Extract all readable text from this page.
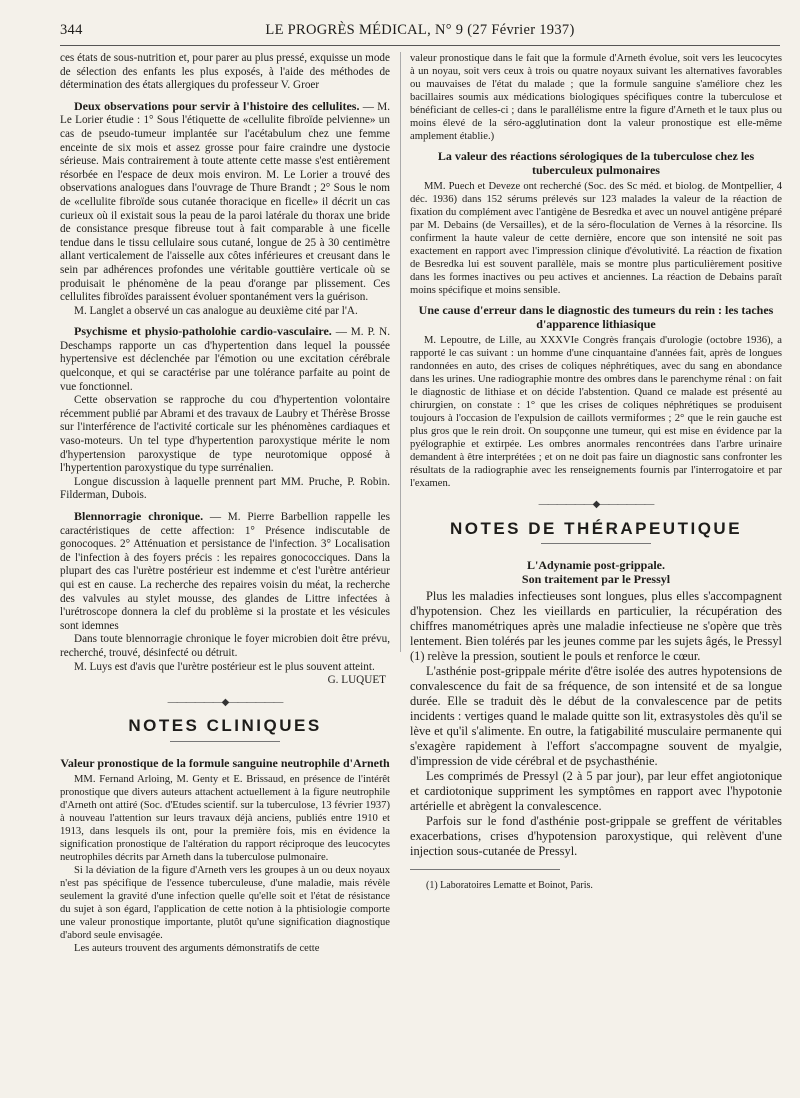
344	LE PROGRÈS MÉDICAL, N° 9 (27 Février 1937)

ces états de sous-nutrition et, pour parer au plus pressé, exquisse un mode de sélection des enfants les plus exposés, à l'aide des méthodes de détermination des états allergiques du professeur V. Groer

Deux observations pour servir à l'histoire des cellulites. — M. Le Lorier étudie : 1° Sous l'étiquette de «cellulite fibroïde pelvienne» un cas de pseudo-tumeur implantée sur l'acétabulum chez une femme enceinte de six mois et assez grosse pour faire craindre une dystocie sérieuse. Mais contrairement à toute attente cette masse s'est entièrement résorbée en l'espace de deux mois environ. M. Le Lorier a trouvé des observations analogues dans l'ouvrage de Thure Brandt ; 2° Sous le nom de «cellulite fibroïde sous cutanée thoracique en ficelle» il décrit un cas curieux où il existait sous la peau de la paroi latérale du thorax une bride de consistance presque fibreuse tout à fait comparable à une ficelle tendue dans le tissu cellulaire sous cutané, longue de 25 à 30 centimètre allant verticalement de l'aisselle aux côtes inférieures et creusant dans le sein par adhérences profondes une véritable gouttière verticale où se produisait le phénomène de la peau d'orange par plissement. Ces cellulites fibroïdes paraissent évoluer spontanément vers la guérison.

M. Langlet a observé un cas analogue au deuxième cité par l'A.

Psychisme et physio-patholohie cardio-vasculaire. — M. P. N. Deschamps rapporte un cas d'hypertention dans lequel la poussée hypertensive est déclenchée par l'émotion ou une excitation cérébrale quelconque, et qui se caractérise par une tolérance parfaite au point de vue fonctionnel.

Cette observation se rapproche du cou d'hypertention volontaire récemment publié par Abrami et des travaux de Laubry et Thérèse Brosse sur l'interférence de l'activité corticale sur les phénomènes cardiaques et vaso-moteurs. Un tel type d'hypertention paroxystique mérite le nom d'hypertension paroxystique de type neurotomique opposé à l'hypertention paroxystique du type surrénalien.

Longue discussion à laquelle prennent part MM. Pruche, P. Robin. Filderman, Dubois.

Blennorragie chronique. — M. Pierre Barbellion rappelle les caractéristiques de cette affection: 1° Présence indiscutable de gonocoques. 2° Atténuation et persistance de l'infection. 3° Localisation de l'infection à des foyers précis : les repaires gonococciques. Dans la plupart des cas l'urètre postérieur est indemme et c'est l'urètre antérieur qui est en cause. La recherche des repaires voisin du méat, la recherche des valvules au stylet mousse, des glandes de Littre infectées à l'urétroscope donnera la clef du problème si la prostate et les vésicules sont idemnes

Dans toute blennorragie chronique le foyer microbien doit être prévu, recherché, trouvé, désinfecté ou détruit.

M. Luys est d'avis que l'urètre postérieur est le plus souvent atteint.

G. LUQUET

——————◆——————
NOTES CLINIQUES
Valeur pronostique de la formule sanguine neutrophile d'Arneth

MM. Fernand Arloing, M. Genty et E. Brissaud, en présence de l'intérêt pronostique que divers auteurs attachent actuellement à la figure neutrophile d'Arneth ont attiré (Soc. d'Etudes scientif. sur la tuberculose, 13 février 1937) à nouveau l'attention sur leurs travaux déjà anciens, publiés entre 1910 et 1913, dans lesquels ils ont, pour la première fois, mis en évidence la signification pronostique de l'altération du rapport réciproque des leucocytes neutrophiles décrits par Arneth dans la tuberculose pulmonaire.

Si la déviation de la figure d'Arneth vers les groupes à un ou deux noyaux n'est pas spécifique de l'essence tuberculeuse, d'une maladie, mais révèle seulement la gravité d'une infection quelle qu'elle soit et l'état de résistance du sujet à son égard, l'application de cette notion à la phtisiologie comporte une valeur pronostique importante, plutôt qu'une signification diagnostique d'abord seule envisagée.

Les auteurs trouvent des arguments démonstratifs de cette

valeur pronostique dans le fait que la formule d'Arneth évolue, soit vers les leucocytes à un noyau, soit vers ceux à trois ou quatre noyaux suivant les alternatives favorables ou mauvaises de l'état du malade ; que la formule sanguine s'améliore chez les bacillaires soumis aux médications biologiques spécifiques contre la tuberculose et bénéficiant de celles-ci ; dans le parallélisme entre la figure d'Arneth et le taux plus ou moins élevé de la séro-agglutination dont la valeur pronostique est elle-même amplement établie.)

La valeur des réactions sérologiques de la tuberculose chez les tuberculeux pulmonaires

MM. Puech et Deveze ont recherché (Soc. des Sc méd. et biolog. de Montpellier, 4 déc. 1936) dans 152 sérums prélevés sur 123 malades la valeur de la réaction de fixation du complément avec l'antigène de Besredka et avec un nouvel antigène préparé par M. Debains (de Versailles), et de la séro-floculation de Vernes à la résorcine. Ils confirment la haute valeur de cette dernière, encore que son intensité ne soit pas exactement en rapport avec l'impression clinique d'évolutivité. La réaction de fixation de Besredka lui est souvent parallèle, mais se montre plus particulièrement positive dans les formes inactives ou peu actives et anciennes. La réaction de Debains paraît moins spécifique et moins sensible.

Une cause d'erreur dans le diagnostic des tumeurs du rein : les taches d'apparence lithiasique

M. Lepoutre, de Lille, au XXXVIe Congrès français d'urologie (octobre 1936), a rapporté le cas suivant : un homme d'une cinquantaine d'années fait, après de longues randonnées en auto, des crises de coliques néphrétiques, avec du sang en abondance dans les urines. Une radiographie montre des ombres dans le parenchyme rénal : on fait le diagnostic de lithiase et on décide l'abstention. Quand ce malade est présenté au chirurgien, on constate : 1° que les crises de coliques néphrétiques se produisent toujours à l'occasion de l'expulsion de caillots vermiformes ; 2° que le rein gauche est plus gros que le rein droit. On soupçonne une tumeur, qui est mise en évidence par la pyélographie et extirpée. Les ombres anormales rencontrées dans l'arbre urinaire demandent à être interprétées ; et on ne doit pas faire un diagnostic sans confronter les résultats de la radiographie avec les renseignements fournis par l'interrogatoire et par l'examen.

——————◆——————
NOTES DE THÉRAPEUTIQUE
L'Adynamie post-grippale.
Son traitement par le Pressyl

Plus les maladies infectieuses sont longues, plus elles s'accompagnent d'hypotension. Chez les vieillards en particulier, la récupération des chiffres manométriques après une maladie infectieuse ne s'opère que très lentement. Bien tolérés par les jeunes comme par les sujets âgés, le Pressyl (1) relève la pression, soutient le pouls et renforce le cœur.

L'asthénie post-grippale mérite d'être isolée des autres hypotensions de convalescence du fait de sa fréquence, de son intensité et de sa longue durée. Elle se traduit dès le début de la convalescence par de petits incidents : vertiges quand le malade quitte son lit, extrasystoles dès qu'il se lève et qu'il s'alimente. En outre, la fatigabilité musculaire permanente qui s'exagère rapidement à l'effort s'accompagne souvent de myalgie, d'impression de vide cérébral et de psychasthénie.

Les comprimés de Pressyl (2 à 5 par jour), par leur effet angiotonique et cardiotonique suppriment les symptômes en rapport avec l'hypotonie artérielle et abrègent la convalescence.

Parfois sur le fond d'asthénie post-grippale se greffent de véritables exacerbations, crises d'hypotension paroxystique, qui relèvent d'une injection sous-cutanée de Pressyl.

(1) Laboratoires Lematte et Boinot, Paris.
